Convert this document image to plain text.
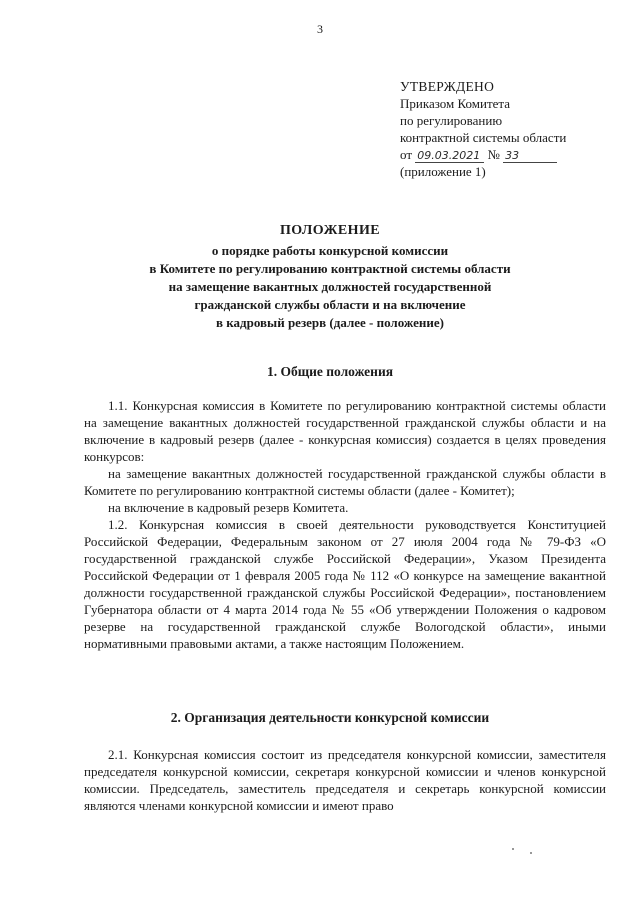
3
УТВЕРЖДЕНО
Приказом Комитета
по регулированию
контрактной системы области
от 09.03.2021 № 33
(приложение 1)
ПОЛОЖЕНИЕ
о порядке работы конкурсной комиссии
в Комитете по регулированию контрактной системы области
на замещение вакантных должностей государственной
гражданской службы области и на включение
в кадровый резерв (далее - положение)
1. Общие положения

1.1. Конкурсная комиссия в Комитете по регулированию контрактной системы области на замещение вакантных должностей государственной гражданской службы области и на включение в кадровый резерв (далее - конкурсная комиссия) создается в целях проведения конкурсов:

на замещение вакантных должностей государственной гражданской службы области в Комитете по регулированию контрактной системы области (далее - Комитет);

на включение в кадровый резерв Комитета.

1.2. Конкурсная комиссия в своей деятельности руководствуется Конституцией Российской Федерации, Федеральным законом от 27 июля 2004 года № 79-ФЗ «О государственной гражданской службе Российской Федерации», Указом Президента Российской Федерации от 1 февраля 2005 года № 112 «О конкурсе на замещение вакантной должности государственной гражданской службы Российской Федерации», постановлением Губернатора области от 4 марта 2014 года № 55 «Об утверждении Положения о кадровом резерве на государственной гражданской службе Вологодской области», иными нормативными правовыми актами, а также настоящим Положением.

2. Организация деятельности конкурсной комиссии

2.1. Конкурсная комиссия состоит из председателя конкурсной комиссии, заместителя председателя конкурсной комиссии, секретаря конкурсной комиссии и членов конкурсной комиссии. Председатель, заместитель председателя и секретарь конкурсной комиссии являются членами конкурсной комиссии и имеют право
